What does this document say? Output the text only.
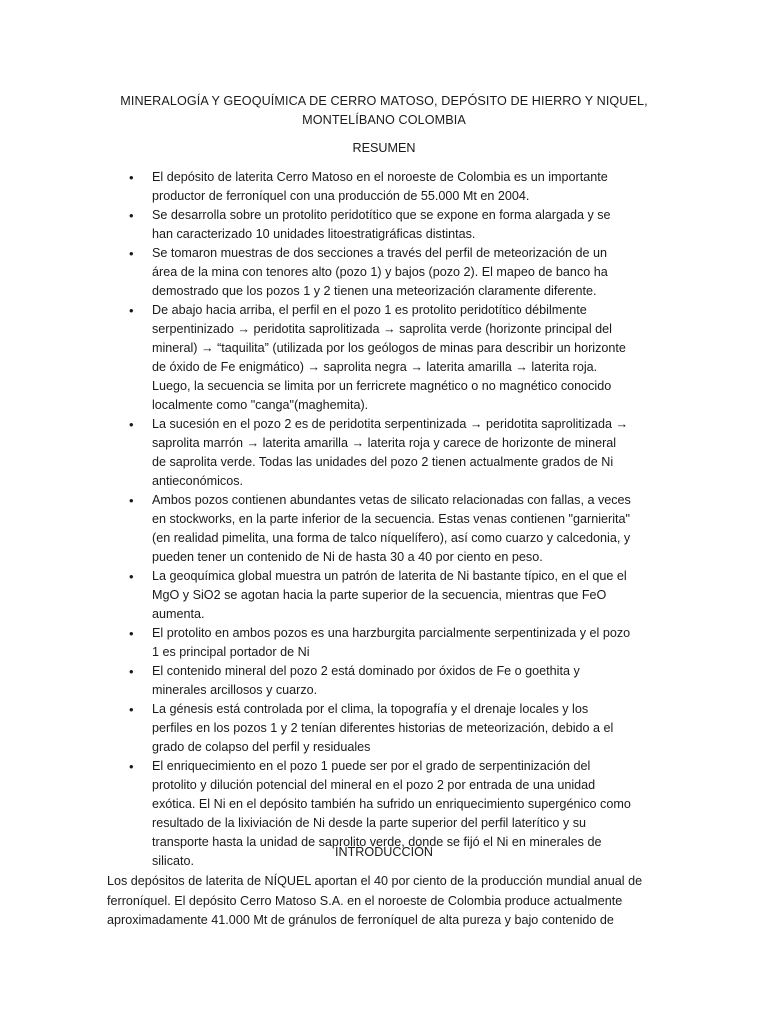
MINERALOGÍA Y GEOQUÍMICA DE CERRO MATOSO, DEPÓSITO DE HIERRO Y NIQUEL,
MONTELÍBANO COLOMBIA
RESUMEN
• El depósito de laterita Cerro Matoso en el noroeste de Colombia es un importante productor de ferroníquel con una producción de 55.000 Mt en 2004.
• Se desarrolla sobre un protolito peridotítico que se expone en forma alargada y se han caracterizado 10 unidades litoestratigráficas distintas.
• Se tomaron muestras de dos secciones a través del perfil de meteorización de un área de la mina con tenores alto (pozo 1) y bajos (pozo 2). El mapeo de banco ha demostrado que los pozos 1 y 2 tienen una meteorización claramente diferente.
• De abajo hacia arriba, el perfil en el pozo 1 es protolito peridotítico débilmente serpentinizado → peridotita saprolitizada → saprolita verde (horizonte principal del mineral) → “taquilita” (utilizada por los geólogos de minas para describir un horizonte de óxido de Fe enigmático) → saprolita negra → laterita amarilla → laterita roja. Luego, la secuencia se limita por un ferricrete magnético o no magnético conocido localmente como "canga"(maghemita).
• La sucesión en el pozo 2 es de peridotita serpentinizada → peridotita saprolitizada → saprolita marrón → laterita amarilla → laterita roja y carece de horizonte de mineral de saprolita verde. Todas las unidades del pozo 2 tienen actualmente grados de Ni antieconómicos.
• Ambos pozos contienen abundantes vetas de silicato relacionadas con fallas, a veces en stockworks, en la parte inferior de la secuencia. Estas venas contienen "garnierita" (en realidad pimelita, una forma de talco níquelífero), así como cuarzo y calcedonia, y pueden tener un contenido de Ni de hasta 30 a 40 por ciento en peso.
• La geoquímica global muestra un patrón de laterita de Ni bastante típico, en el que el MgO y SiO2 se agotan hacia la parte superior de la secuencia, mientras que FeO aumenta.
• El protolito en ambos pozos es una harzburgita parcialmente serpentinizada y el pozo 1 es principal portador de Ni
• El contenido mineral del pozo 2 está dominado por óxidos de Fe o goethita y minerales arcillosos y cuarzo.
• La génesis está controlada por el clima, la topografía y el drenaje locales y los perfiles en los pozos 1 y 2 tenían diferentes historias de meteorización, debido a el grado de colapso del perfil y residuales
• El enriquecimiento en el pozo 1 puede ser por el grado de serpentinización del protolito y dilución potencial del mineral en el pozo 2 por entrada de una unidad exótica. El Ni en el depósito también ha sufrido un enriquecimiento supergénico como resultado de la lixiviación de Ni desde la parte superior del perfil laterítico y su transporte hasta la unidad de saprolito verde, donde se fijó el Ni en minerales de silicato.
INTRODUCCIÓN
Los depósitos de laterita de NÍQUEL aportan el 40 por ciento de la producción mundial anual de ferroníquel. El depósito Cerro Matoso S.A. en el noroeste de Colombia produce actualmente aproximadamente 41.000 Mt de gránulos de ferroníquel de alta pureza y bajo contenido de
